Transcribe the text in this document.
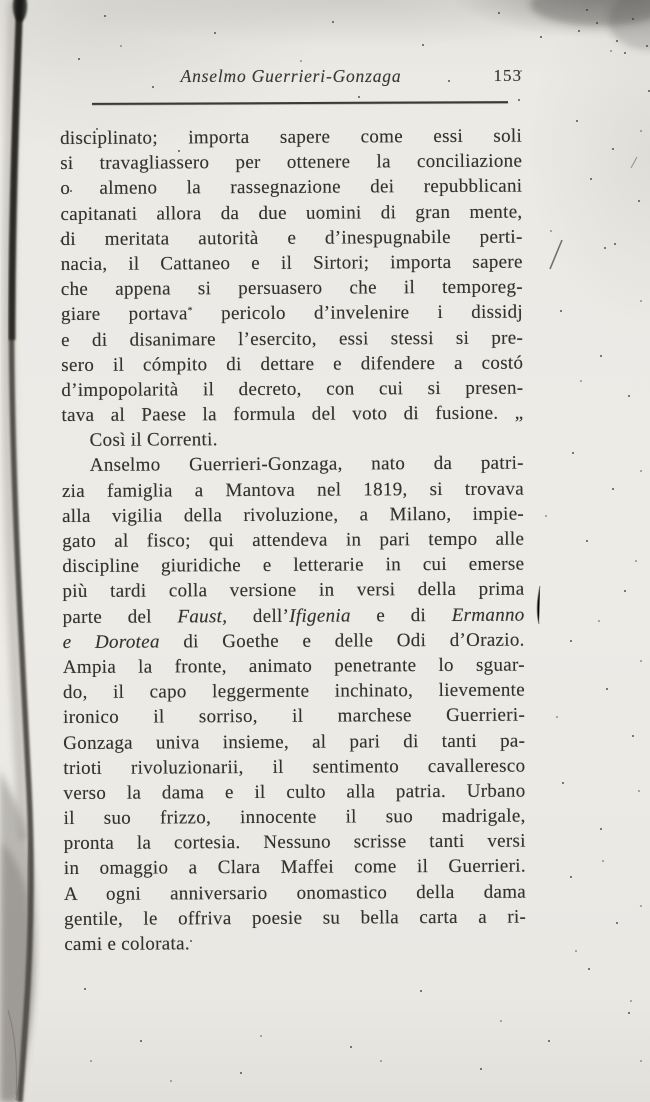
Anselmo Guerrieri-Gonzaga	153
disciplinato; importa sapere come essi soli
si travagliassero per ottenere la conciliazione
o almeno la rassegnazione dei repubblicani
capitanati allora da due uomini di gran mente,
di meritata autorità e d’inespugnabile perti-
nacia, il Cattaneo e il Sirtori; importa sapere
che appena si persuasero che il temporeg-
giare portava* pericolo d’invelenire i dissidj
e di disanimare l’esercito, essi stessi si pre-
sero il cómpito di dettare e difendere a costó
d’impopolarità il decreto, con cui si presen-
tava al Paese la formula del voto di fusione. „
Così il Correnti.
Anselmo Guerrieri-Gonzaga, nato da patri-
zia famiglia a Mantova nel 1819, si trovava
alla vigilia della rivoluzione, a Milano, impie-
gato al fisco; qui attendeva in pari tempo alle
discipline giuridiche e letterarie in cui emerse
più tardi colla versione in versi della prima
parte del Faust, dell’Ifigenia e di Ermanno
e Dorotea di Goethe e delle Odi d’Orazio.
Ampia la fronte, animato penetrante lo sguar-
do, il capo leggermente inchinato, lievemente
ironico il sorriso, il marchese Guerrieri-
Gonzaga univa insieme, al pari di tanti pa-
trioti rivoluzionarii, il sentimento cavalleresco
verso la dama e il culto alla patria. Urbano
il suo frizzo, innocente il suo madrigale,
pronta la cortesia. Nessuno scrisse tanti versi
in omaggio a Clara Maffei come il Guerrieri.
A ogni anniversario onomastico della dama
gentile, le offriva poesie su bella carta a ri-
cami e colorata.
